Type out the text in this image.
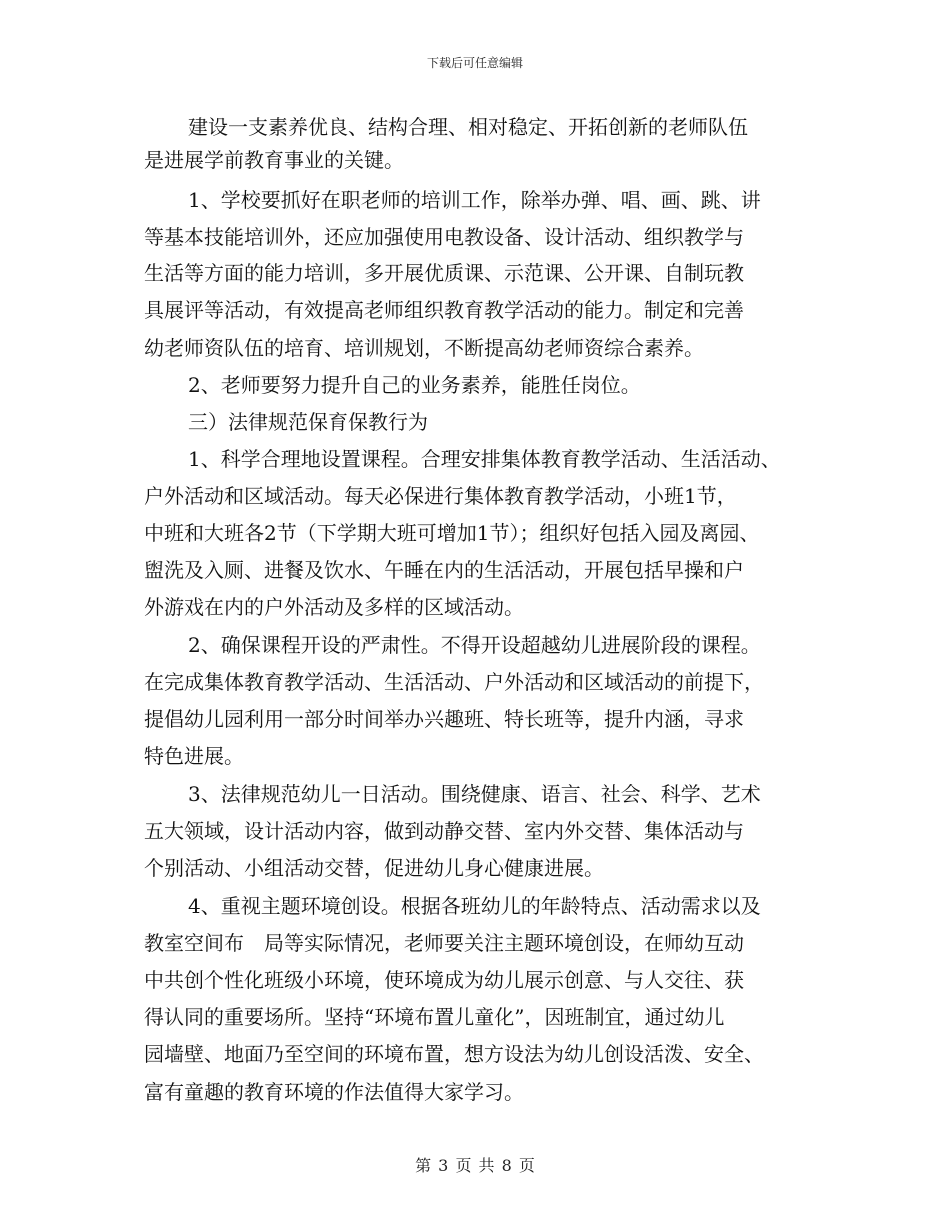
下载后可任意编辑
建设一支素养优良、结构合理、相对稳定、开拓创新的老师队伍
是进展学前教育事业的关键。
1、学校要抓好在职老师的培训工作，除举办弹、唱、画、跳、讲
等基本技能培训外，还应加强使用电教设备、设计活动、组织教学与
生活等方面的能力培训，多开展优质课、示范课、公开课、自制玩教
具展评等活动，有效提高老师组织教育教学活动的能力。制定和完善
幼老师资队伍的培育、培训规划，不断提高幼老师资综合素养。
2、老师要努力提升自己的业务素养，能胜任岗位。
三）法律规范保育保教行为
1、科学合理地设置课程。合理安排集体教育教学活动、生活活动、
户外活动和区域活动。每天必保进行集体教育教学活动，小班1节，
中班和大班各2节（下学期大班可增加1节）；组织好包括入园及离园、
盥洗及入厕、进餐及饮水、午睡在内的生活活动，开展包括早操和户
外游戏在内的户外活动及多样的区域活动。
2、确保课程开设的严肃性。不得开设超越幼儿进展阶段的课程。
在完成集体教育教学活动、生活活动、户外活动和区域活动的前提下，
提倡幼儿园利用一部分时间举办兴趣班、特长班等，提升内涵，寻求
特色进展。
3、法律规范幼儿一日活动。围绕健康、语言、社会、科学、艺术
五大领域，设计活动内容，做到动静交替、室内外交替、集体活动与
个别活动、小组活动交替，促进幼儿身心健康进展。
4、重视主题环境创设。根据各班幼儿的年龄特点、活动需求以及
教室空间布　局等实际情况，老师要关注主题环境创设，在师幼互动
中共创个性化班级小环境，使环境成为幼儿展示创意、与人交往、获
得认同的重要场所。坚持“环境布置儿童化”，因班制宜，通过幼儿
园墙壁、地面乃至空间的环境布置，想方设法为幼儿创设活泼、安全、
富有童趣的教育环境的作法值得大家学习。
第 3 页 共 8 页
